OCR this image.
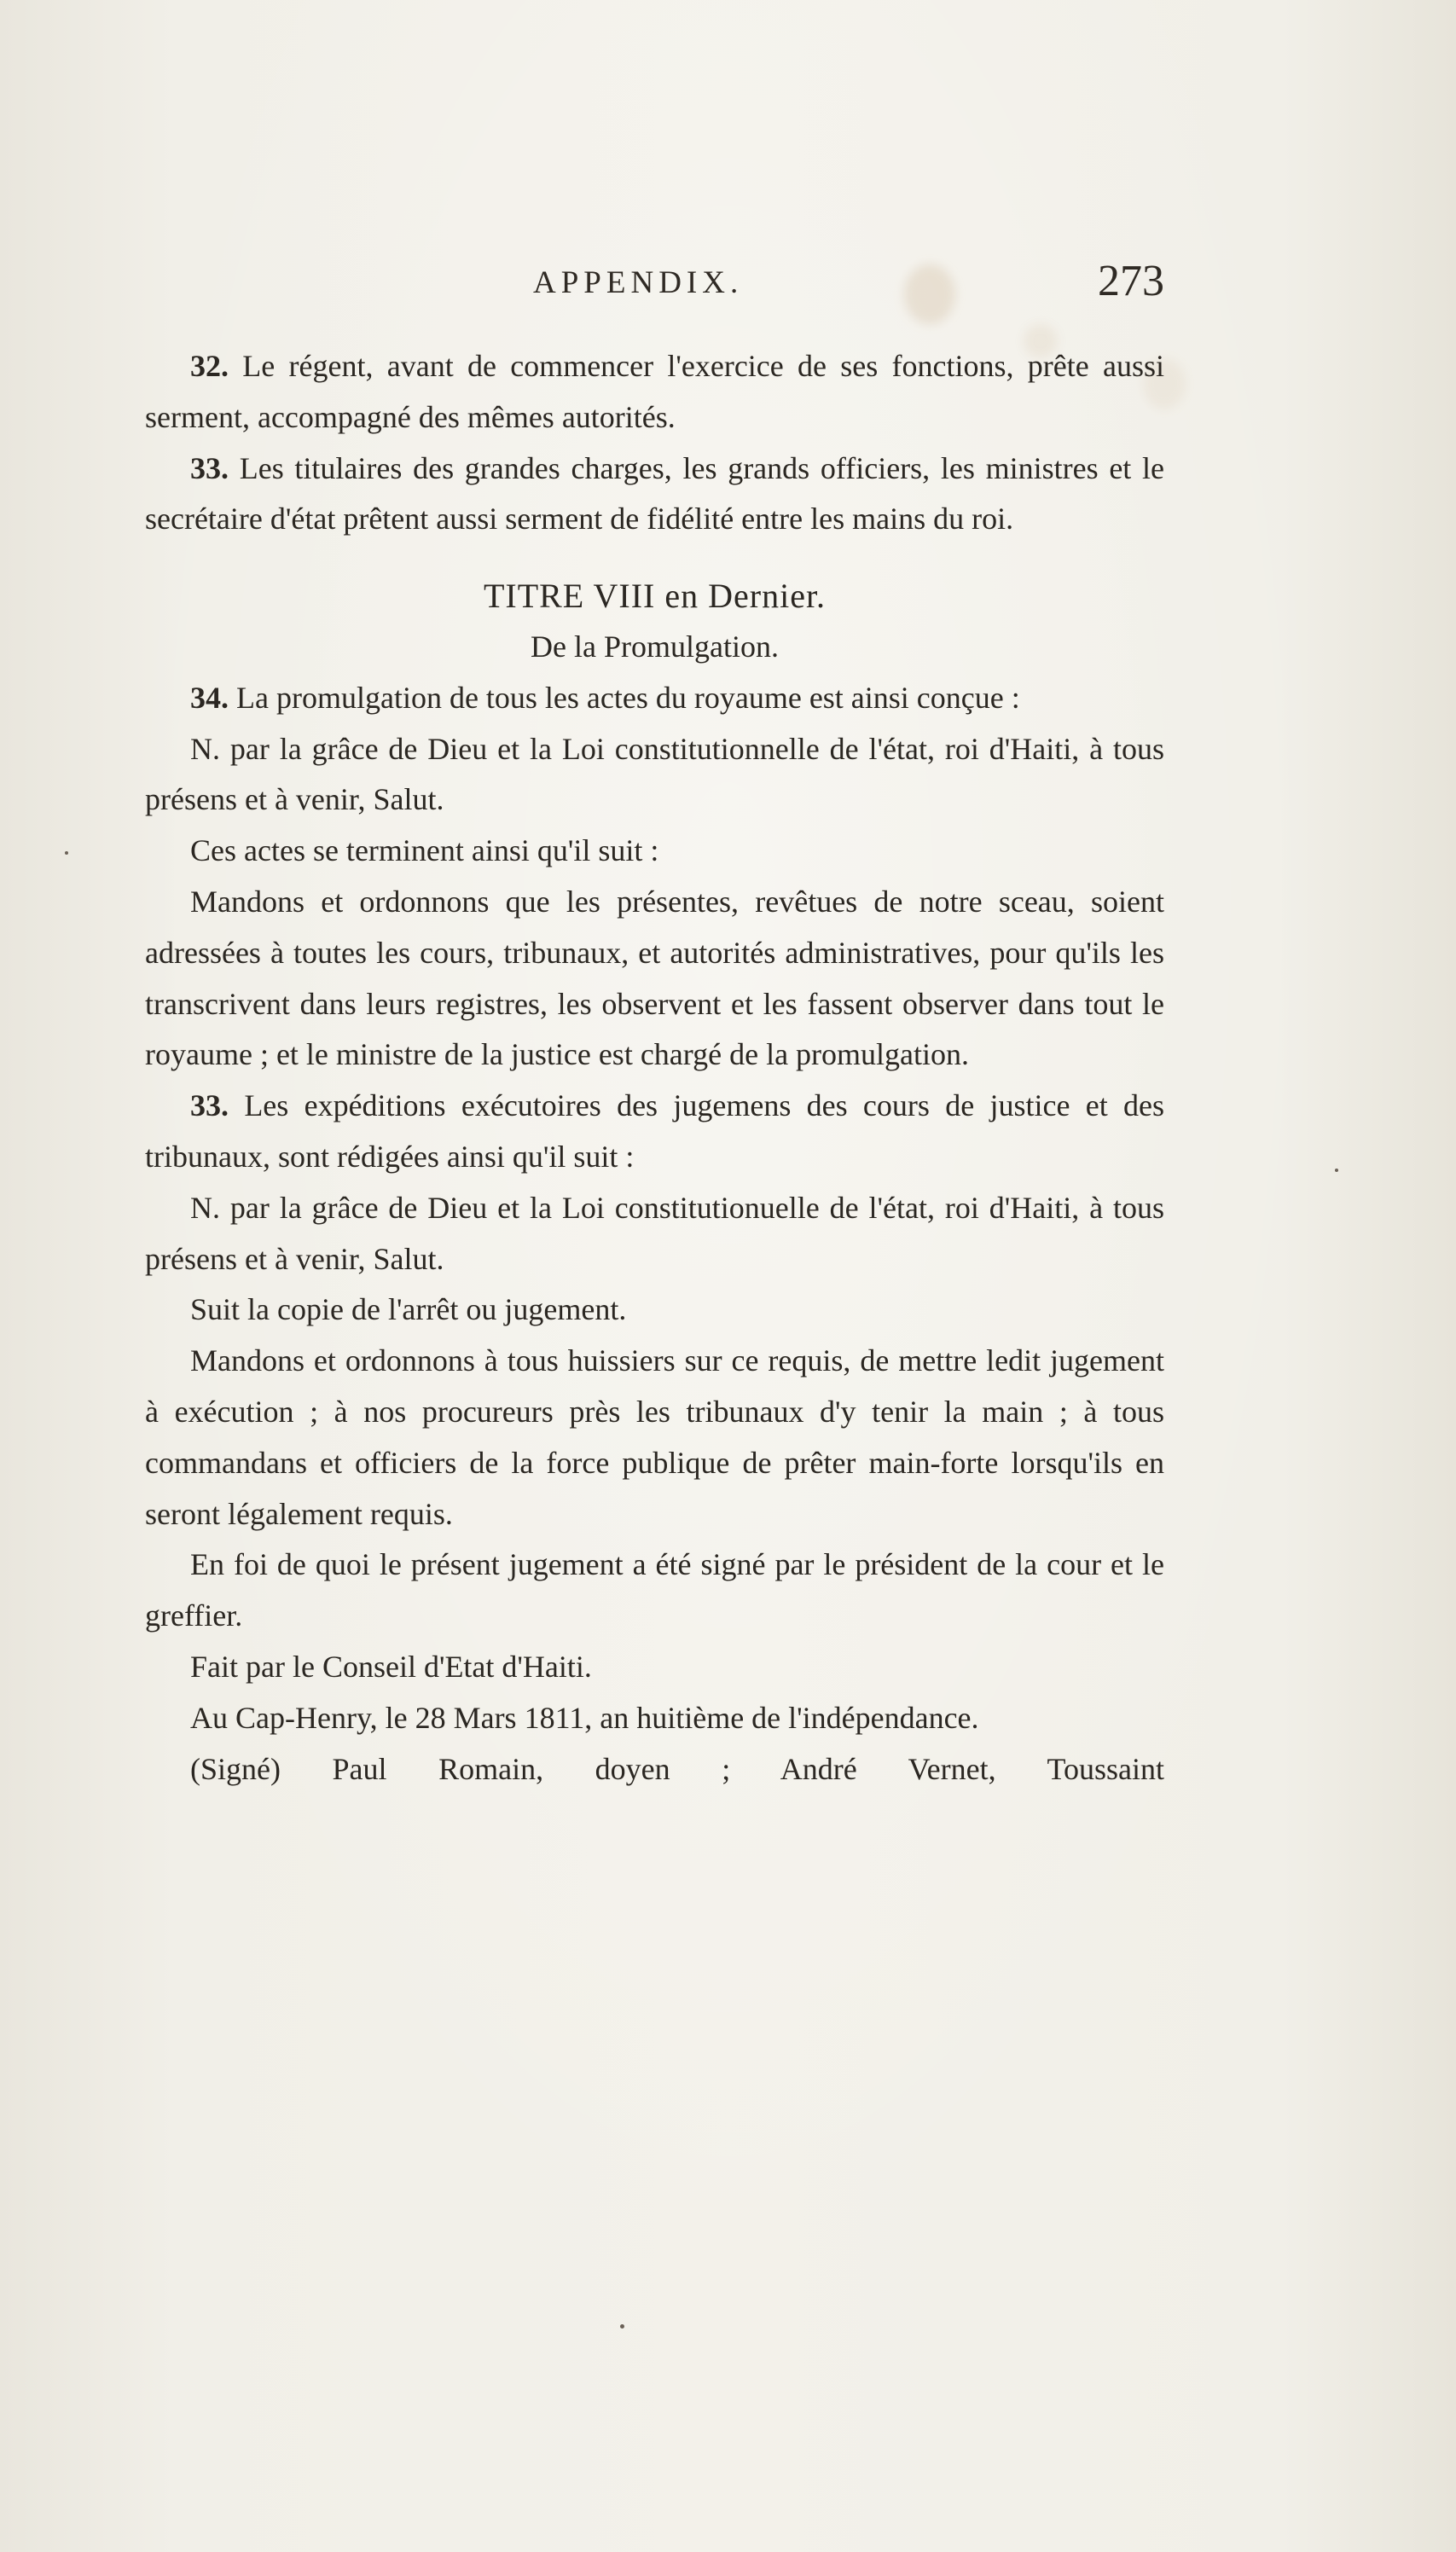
APPENDIX.	273

32. Le régent, avant de commencer l'exercice de ses fonctions, prête aussi serment, accompagné des mêmes autorités.

33. Les titulaires des grandes charges, les grands officiers, les ministres et le secrétaire d'état prêtent aussi serment de fidélité entre les mains du roi.

TITRE VIII en Dernier.

De la Promulgation.

34. La promulgation de tous les actes du royaume est ainsi conçue :

N. par la grâce de Dieu et la Loi constitutionnelle de l'état, roi d'Haiti, à tous présens et à venir, Salut.

Ces actes se terminent ainsi qu'il suit :

Mandons et ordonnons que les présentes, revêtues de notre sceau, soient adressées à toutes les cours, tribunaux, et autorités administratives, pour qu'ils les transcrivent dans leurs registres, les observent et les fassent observer dans tout le royaume ; et le ministre de la justice est chargé de la promulgation.

33. Les expéditions exécutoires des jugemens des cours de justice et des tribunaux, sont rédigées ainsi qu'il suit :

N. par la grâce de Dieu et la Loi constitutionuelle de l'état, roi d'Haiti, à tous présens et à venir, Salut.

Suit la copie de l'arrêt ou jugement.

Mandons et ordonnons à tous huissiers sur ce requis, de mettre ledit jugement à exécution ; à nos procureurs près les tribunaux d'y tenir la main ; à tous commandans et officiers de la force publique de prêter main-forte lorsqu'ils en seront légalement requis.

En foi de quoi le présent jugement a été signé par le président de la cour et le greffier.

Fait par le Conseil d'Etat d'Haiti.

Au Cap-Henry, le 28 Mars 1811, an huitième de l'indépendance.

(Signé) Paul Romain, doyen ; André Vernet, Toussaint
